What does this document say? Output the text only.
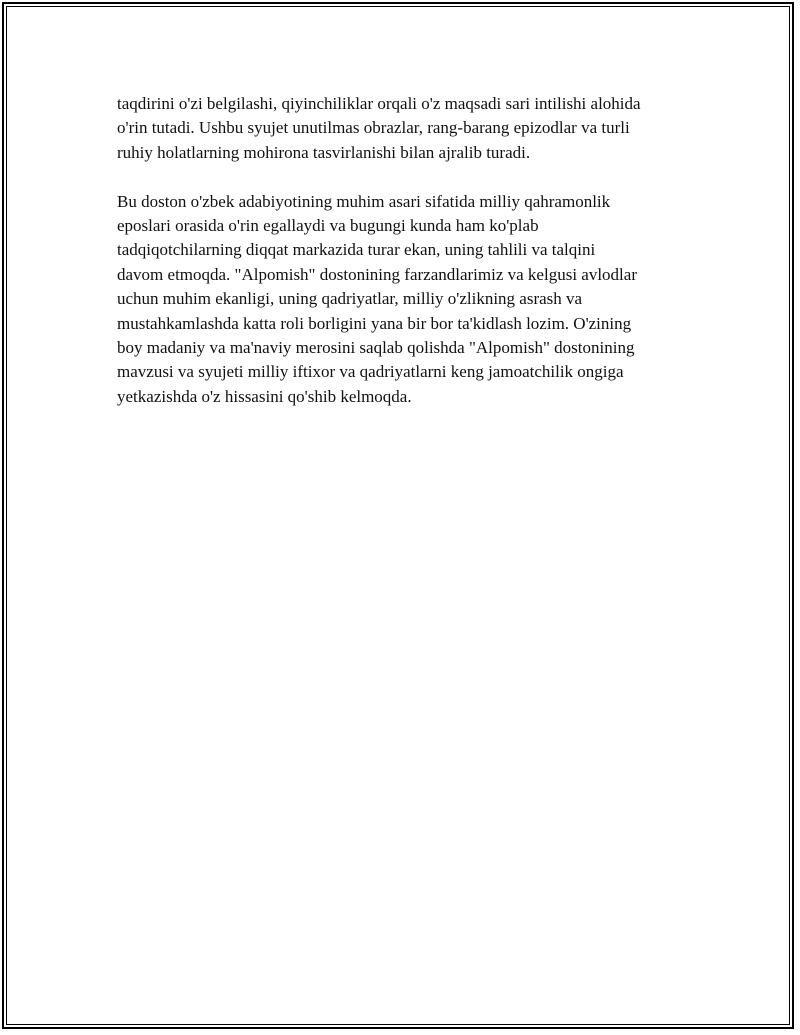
taqdirini o'zi belgilashi, qiyinchiliklar orqali o'z maqsadi sari intilishi alohida
o'rin tutadi. Ushbu syujet unutilmas obrazlar, rang-barang epizodlar va turli
ruhiy holatlarning mohirona tasvirlanishi bilan ajralib turadi.

Bu doston o'zbek adabiyotining muhim asari sifatida milliy qahramonlik
eposlari orasida o'rin egallaydi va bugungi kunda ham ko'plab
tadqiqotchilarning diqqat markazida turar ekan, uning tahlili va talqini
davom etmoqda. "Alpomish" dostonining farzandlarimiz va kelgusi avlodlar
uchun muhim ekanligi, uning qadriyatlar, milliy o'zlikning asrash va
mustahkamlashda katta roli borligini yana bir bor ta'kidlash lozim. O'zining
boy madaniy va ma'naviy merosini saqlab qolishda "Alpomish" dostonining
mavzusi va syujeti milliy iftixor va qadriyatlarni keng jamoatchilik ongiga
yetkazishda o'z hissasini qo'shib kelmoqda.
